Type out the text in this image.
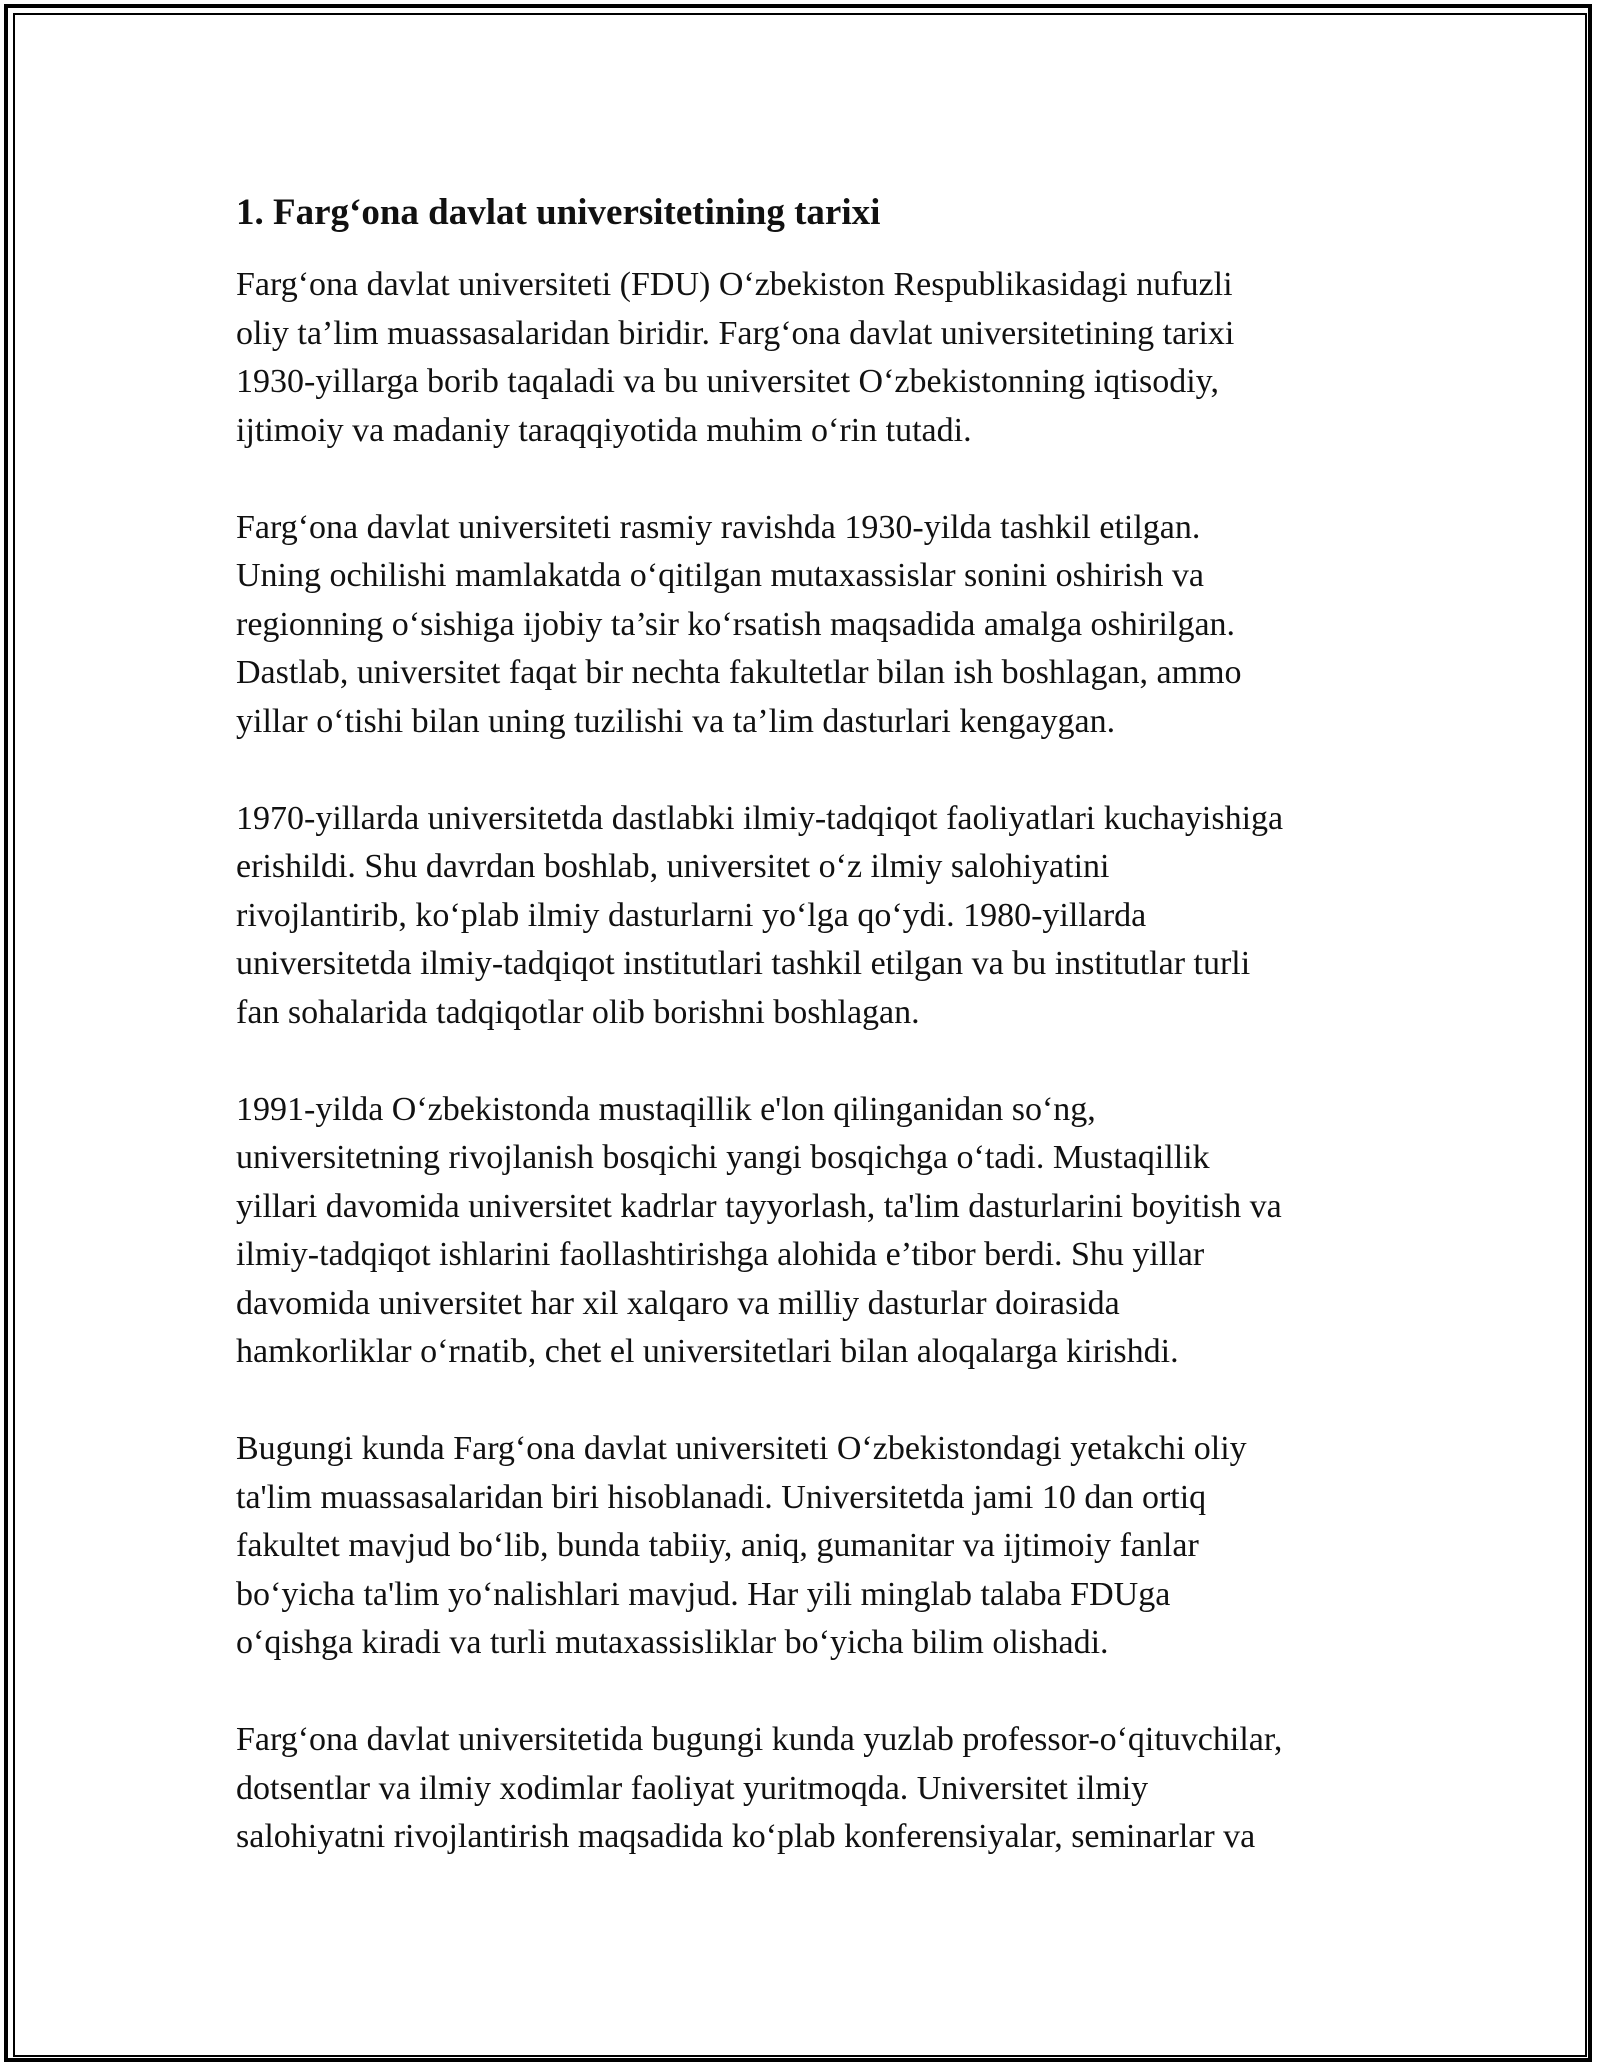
1. Farg‘ona davlat universitetining tarixi

Farg‘ona davlat universiteti (FDU) O‘zbekiston Respublikasidagi nufuzli
oliy ta’lim muassasalaridan biridir. Farg‘ona davlat universitetining tarixi
1930-yillarga borib taqaladi va bu universitet O‘zbekistonning iqtisodiy,
ijtimoiy va madaniy taraqqiyotida muhim o‘rin tutadi.

Farg‘ona davlat universiteti rasmiy ravishda 1930-yilda tashkil etilgan.
Uning ochilishi mamlakatda o‘qitilgan mutaxassislar sonini oshirish va
regionning o‘sishiga ijobiy ta’sir ko‘rsatish maqsadida amalga oshirilgan.
Dastlab, universitet faqat bir nechta fakultetlar bilan ish boshlagan, ammo
yillar o‘tishi bilan uning tuzilishi va ta’lim dasturlari kengaygan.

1970-yillarda universitetda dastlabki ilmiy-tadqiqot faoliyatlari kuchayishiga
erishildi. Shu davrdan boshlab, universitet o‘z ilmiy salohiyatini
rivojlantirib, ko‘plab ilmiy dasturlarni yo‘lga qo‘ydi. 1980-yillarda
universitetda ilmiy-tadqiqot institutlari tashkil etilgan va bu institutlar turli
fan sohalarida tadqiqotlar olib borishni boshlagan.

1991-yilda O‘zbekistonda mustaqillik e'lon qilinganidan so‘ng,
universitetning rivojlanish bosqichi yangi bosqichga o‘tadi. Mustaqillik
yillari davomida universitet kadrlar tayyorlash, ta'lim dasturlarini boyitish va
ilmiy-tadqiqot ishlarini faollashtirishga alohida e’tibor berdi. Shu yillar
davomida universitet har xil xalqaro va milliy dasturlar doirasida
hamkorliklar o‘rnatib, chet el universitetlari bilan aloqalarga kirishdi.

Bugungi kunda Farg‘ona davlat universiteti O‘zbekistondagi yetakchi oliy
ta'lim muassasalaridan biri hisoblanadi. Universitetda jami 10 dan ortiq
fakultet mavjud bo‘lib, bunda tabiiy, aniq, gumanitar va ijtimoiy fanlar
bo‘yicha ta'lim yo‘nalishlari mavjud. Har yili minglab talaba FDUga
o‘qishga kiradi va turli mutaxassisliklar bo‘yicha bilim olishadi.

Farg‘ona davlat universitetida bugungi kunda yuzlab professor-o‘qituvchilar,
dotsentlar va ilmiy xodimlar faoliyat yuritmoqda. Universitet ilmiy
salohiyatni rivojlantirish maqsadida ko‘plab konferensiyalar, seminarlar va
